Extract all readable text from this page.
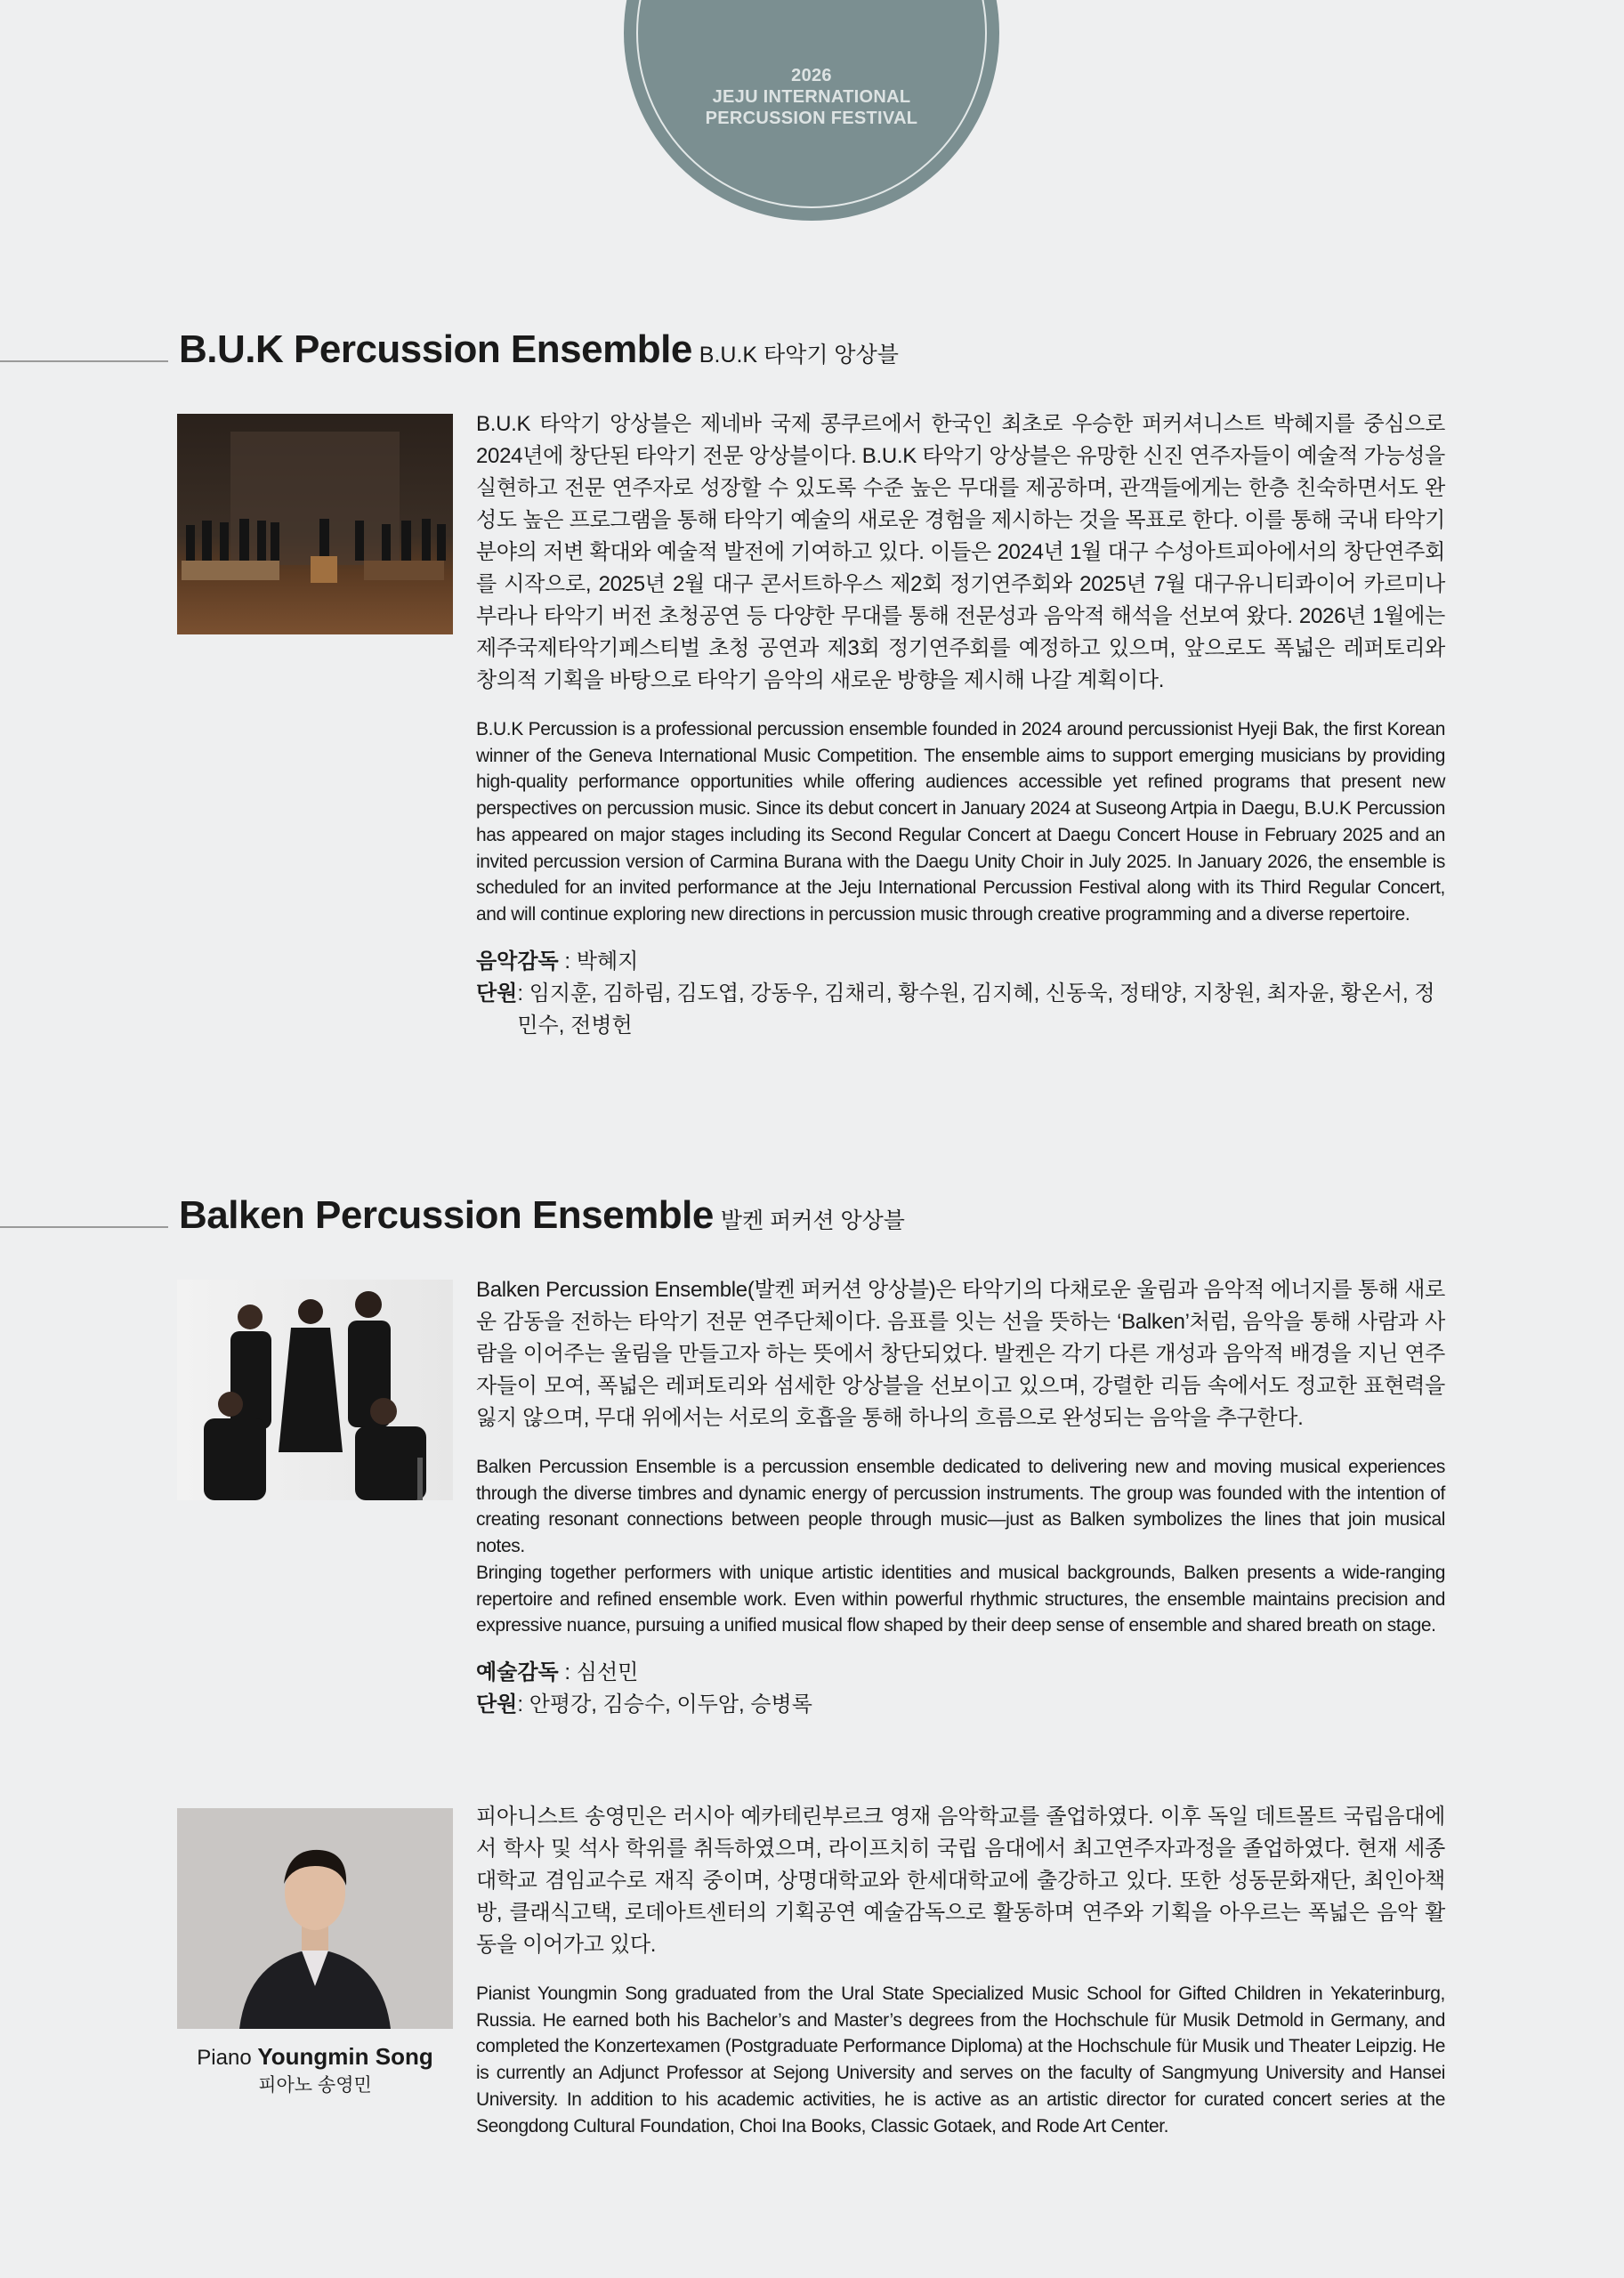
2026
JEJU INTERNATIONAL
PERCUSSION FESTIVAL
B.U.K Percussion Ensemble B.U.K 타악기 앙상블

B.U.K 타악기 앙상블은 제네바 국제 콩쿠르에서 한국인 최초로 우승한 퍼커셔니스트 박혜지를 중심으로 2024년에 창단된 타악기 전문 앙상블이다. B.U.K 타악기 앙상블은 유망한 신진 연주자들이 예술적 가능성을 실현하고 전문 연주자로 성장할 수 있도록 수준 높은 무대를 제공하며, 관객들에게는 한층 친숙하면서도 완성도 높은 프로그램을 통해 타악기 예술의 새로운 경험을 제시하는 것을 목표로 한다. 이를 통해 국내 타악기 분야의 저변 확대와 예술적 발전에 기여하고 있다. 이들은 2024년 1월 대구 수성아트피아에서의 창단연주회를 시작으로, 2025년 2월 대구 콘서트하우스 제2회 정기연주회와 2025년 7월 대구유니티콰이어 카르미나 부라나 타악기 버전 초청공연 등 다양한 무대를 통해 전문성과 음악적 해석을 선보여 왔다. 2026년 1월에는 제주국제타악기페스티벌 초청 공연과 제3회 정기연주회를 예정하고 있으며, 앞으로도 폭넓은 레퍼토리와 창의적 기획을 바탕으로 타악기 음악의 새로운 방향을 제시해 나갈 계획이다.

B.U.K Percussion is a professional percussion ensemble founded in 2024 around percussionist Hyeji Bak, the first Korean winner of the Geneva International Music Competition. The ensemble aims to support emerging musicians by providing high-quality performance opportunities while offering audiences accessible yet refined programs that present new perspectives on percussion music. Since its debut concert in January 2024 at Suseong Artpia in Daegu, B.U.K Percussion has appeared on major stages including its Second Regular Concert at Daegu Concert House in February 2025 and an invited percussion version of Carmina Burana with the Daegu Unity Choir in July 2025. In January 2026, the ensemble is scheduled for an invited performance at the Jeju International Percussion Festival along with its Third Regular Concert, and will continue exploring new directions in percussion music through creative programming and a diverse repertoire.

음악감독 : 박혜지
단원 : 임지훈, 김하림, 김도엽, 강동우, 김채리, 황수원, 김지혜, 신동욱, 정태양, 지창원, 최자윤, 황온서, 정민수, 전병헌
Balken Percussion Ensemble 발켄 퍼커션 앙상블

Balken Percussion Ensemble(발켄 퍼커션 앙상블)은 타악기의 다채로운 울림과 음악적 에너지를 통해 새로운 감동을 전하는 타악기 전문 연주단체이다. 음표를 잇는 선을 뜻하는 ‘Balken’처럼, 음악을 통해 사람과 사람을 이어주는 울림을 만들고자 하는 뜻에서 창단되었다. 발켄은 각기 다른 개성과 음악적 배경을 지닌 연주자들이 모여, 폭넓은 레퍼토리와 섬세한 앙상블을 선보이고 있으며, 강렬한 리듬 속에서도 정교한 표현력을 잃지 않으며, 무대 위에서는 서로의 호흡을 통해 하나의 흐름으로 완성되는 음악을 추구한다.

Balken Percussion Ensemble is a percussion ensemble dedicated to delivering new and moving musical experiences through the diverse timbres and dynamic energy of percussion instruments. The group was founded with the intention of creating resonant connections between people through music—just as Balken symbolizes the lines that join musical notes.

Bringing together performers with unique artistic identities and musical backgrounds, Balken presents a wide-ranging repertoire and refined ensemble work. Even within powerful rhythmic structures, the ensemble maintains precision and expressive nuance, pursuing a unified musical flow shaped by their deep sense of ensemble and shared breath on stage.

예술감독 : 심선민
단원 : 안평강, 김승수, 이두암, 승병록
Piano Youngmin Song
피아노 송영민

피아니스트 송영민은 러시아 예카테린부르크 영재 음악학교를 졸업하였다. 이후 독일 데트몰트 국립음대에서 학사 및 석사 학위를 취득하였으며, 라이프치히 국립 음대에서 최고연주자과정을 졸업하였다. 현재 세종대학교 겸임교수로 재직 중이며, 상명대학교와 한세대학교에 출강하고 있다. 또한 성동문화재단, 최인아책방, 클래식고택, 로데아트센터의 기획공연 예술감독으로 활동하며 연주와 기획을 아우르는 폭넓은 음악 활동을 이어가고 있다.

Pianist Youngmin Song graduated from the Ural State Specialized Music School for Gifted Children in Yekaterinburg, Russia. He earned both his Bachelor’s and Master’s degrees from the Hochschule für Musik Detmold in Germany, and completed the Konzertexamen (Postgraduate Performance Diploma) at the Hochschule für Musik und Theater Leipzig. He is currently an Adjunct Professor at Sejong University and serves on the faculty of Sangmyung University and Hansei University. In addition to his academic activities, he is active as an artistic director for curated concert series at the Seongdong Cultural Foundation, Choi Ina Books, Classic Gotaek, and Rode Art Center.
